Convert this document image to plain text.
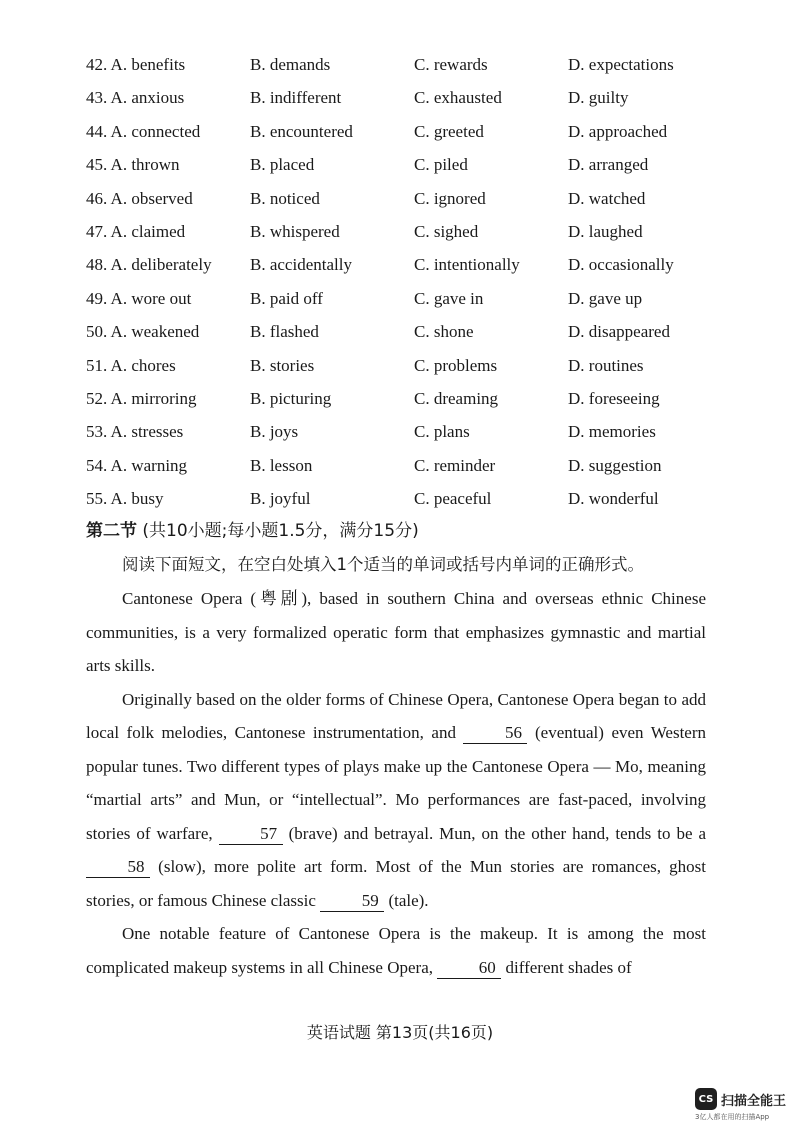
42. A. benefits	B. demands	C. rewards	D. expectations
43. A. anxious	B. indifferent	C. exhausted	D. guilty
44. A. connected	B. encountered	C. greeted	D. approached
45. A. thrown	B. placed	C. piled	D. arranged
46. A. observed	B. noticed	C. ignored	D. watched
47. A. claimed	B. whispered	C. sighed	D. laughed
48. A. deliberately B. accidentally	C. intentionally	D. occasionally
49. A. wore out	B. paid off	C. gave in	D. gave up
50. A. weakened	B. flashed	C. shone	D. disappeared
51. A. chores	B. stories	C. problems	D. routines
52. A. mirroring	B. picturing	C. dreaming	D. foreseeing
53. A. stresses	B. joys	C. plans	D. memories
54. A. warning	B. lesson	C. reminder	D. suggestion
55. A. busy	B. joyful	C. peaceful	D. wonderful
第二节 (共10小题;每小题1.5分，满分15分)
阅读下面短文，在空白处填入1个适当的单词或括号内单词的正确形式。

Cantonese Opera (粤剧), based in southern China and overseas ethnic Chinese communities, is a very formalized operatic form that emphasizes gymnastic and martial arts skills.

Originally based on the older forms of Chinese Opera, Cantonese Opera began to add local folk melodies, Cantonese instrumentation, and	56 (eventual) even Western popular tunes. Two different types of plays make up the Cantonese Opera — Mo, meaning “martial arts” and Mun, or “intellectual”. Mo performances are fast-paced, involving stories of warfare,	57 (brave) and betrayal. Mun, on the other hand, tends to be a 58 (slow), more polite art form. Most of the Mun stories are romances, ghost stories, or famous Chinese classic	59 (tale).

One notable feature of Cantonese Opera is the makeup. It is among the most complicated makeup systems in all Chinese Opera,	60 different shades of

英语试题 第13页(共16页)
CS 扫描全能王
3亿人都在用的扫描App
